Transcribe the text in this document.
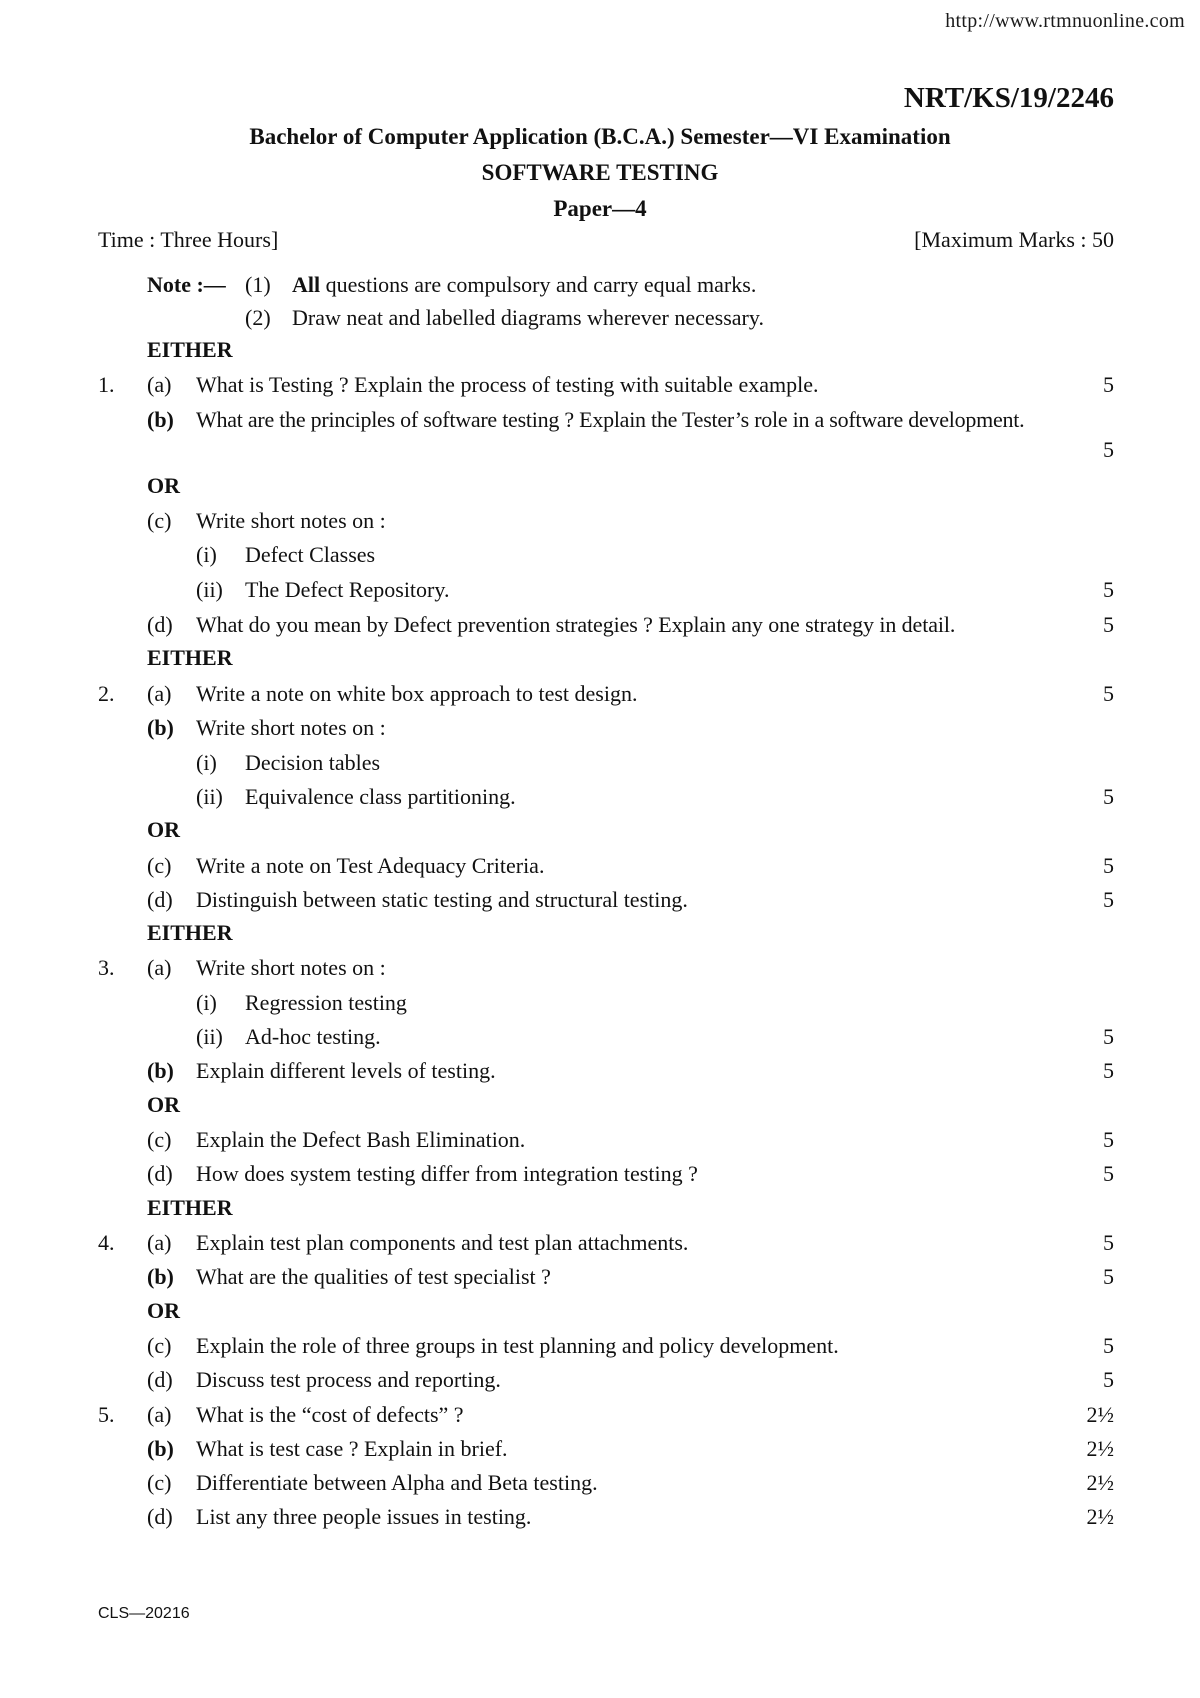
http://www.rtmnuonline.com
NRT/KS/19/2246
Bachelor of Computer Application (B.C.A.) Semester—VI Examination
SOFTWARE TESTING
Paper—4
Time : Three Hours]	[Maximum Marks : 50
Note :— (1) All questions are compulsory and carry equal marks.
(2) Draw neat and labelled diagrams wherever necessary.
EITHER
1. (a) What is Testing ? Explain the process of testing with suitable example.	5
(b) What are the principles of software testing ? Explain the Tester’s role in a software development.
5
OR
(c) Write short notes on :
(i) Defect Classes
(ii) The Defect Repository.	5
(d) What do you mean by Defect prevention strategies ? Explain any one strategy in detail.	5
EITHER
2. (a) Write a note on white box approach to test design.	5
(b) Write short notes on :
(i) Decision tables
(ii) Equivalence class partitioning.	5
OR
(c) Write a note on Test Adequacy Criteria.	5
(d) Distinguish between static testing and structural testing.	5
EITHER
3. (a) Write short notes on :
(i) Regression testing
(ii) Ad-hoc testing.	5
(b) Explain different levels of testing.	5
OR
(c) Explain the Defect Bash Elimination.	5
(d) How does system testing differ from integration testing ?	5
EITHER
4. (a) Explain test plan components and test plan attachments.	5
(b) What are the qualities of test specialist ?	5
OR
(c) Explain the role of three groups in test planning and policy development.	5
(d) Discuss test process and reporting.	5
5. (a) What is the “cost of defects” ?	2½
(b) What is test case ? Explain in brief.	2½
(c) Differentiate between Alpha and Beta testing.	2½
(d) List any three people issues in testing.	2½
CLS—20216
